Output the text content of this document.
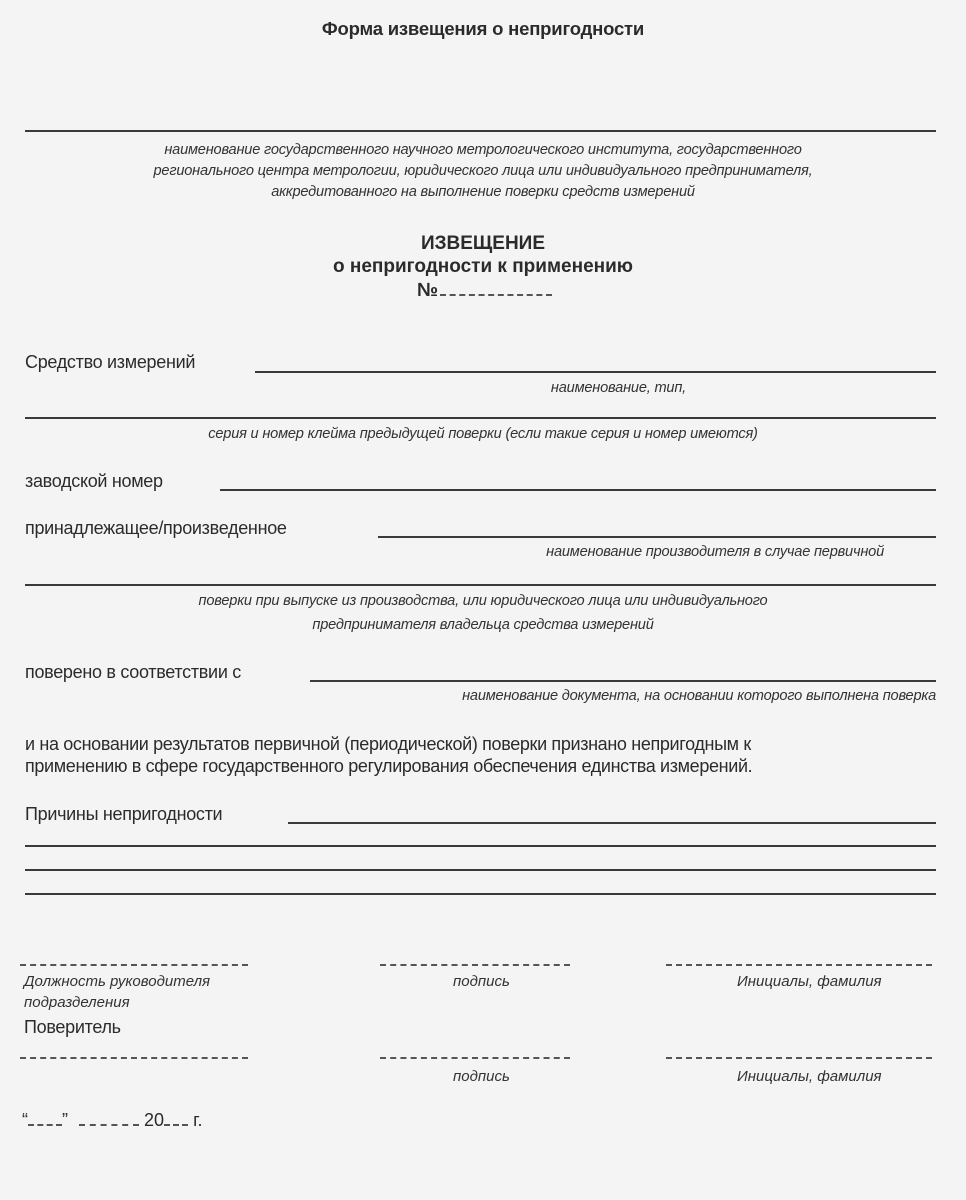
Форма извещения о непригодности
наименование государственного научного метрологического института, государственного
регионального центра метрологии, юридического лица или индивидуального предпринимателя,
аккредитованного на выполнение поверки средств измерений
ИЗВЕЩЕНИЕ
о непригодности к применению
№
Средство измерений
наименование, тип,
серия и номер клейма предыдущей поверки (если такие серия и номер имеются)
заводской номер
принадлежащее/произведенное
наименование производителя в случае первичной
поверки при выпуске из производства, или юридического лица или индивидуального
предпринимателя владельца средства измерений
поверено в соответствии с
наименование документа, на основании которого выполнена поверка
и на основании результатов первичной (периодической) поверки признано непригодным к
применению в сфере государственного регулирования обеспечения единства измерений.
Причины непригодности
Должность руководителя
подразделения
подпись	Инициалы, фамилия
Поверитель
подпись	Инициалы, фамилия
“ ”	20 г.
